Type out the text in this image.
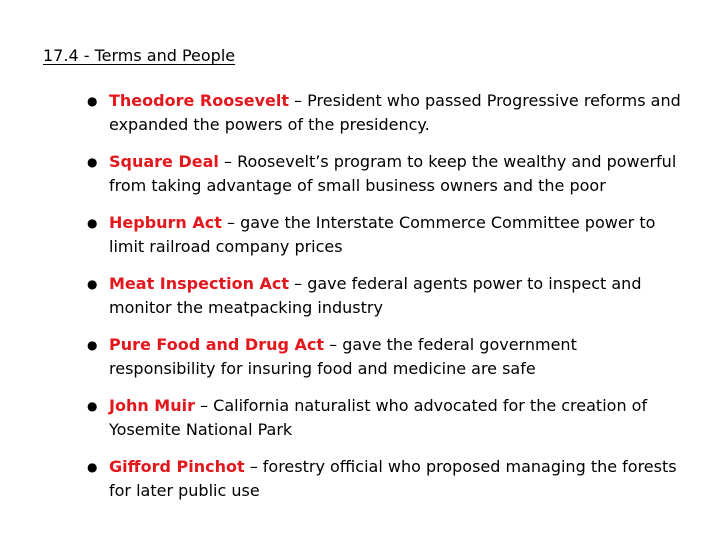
17.4 - Terms and People
● Theodore Roosevelt – President who passed Progressive reforms and expanded the powers of the presidency.
● Square Deal – Roosevelt’s program to keep the wealthy and powerful from taking advantage of small business owners and the poor
● Hepburn Act – gave the Interstate Commerce Committee power to limit railroad company prices
● Meat Inspection Act – gave federal agents power to inspect and monitor the meatpacking industry
● Pure Food and Drug Act – gave the federal government responsibility for insuring food and medicine are safe
● John Muir – California naturalist who advocated for the creation of Yosemite National Park
● Gifford Pinchot – forestry official who proposed managing the forests for later public use
